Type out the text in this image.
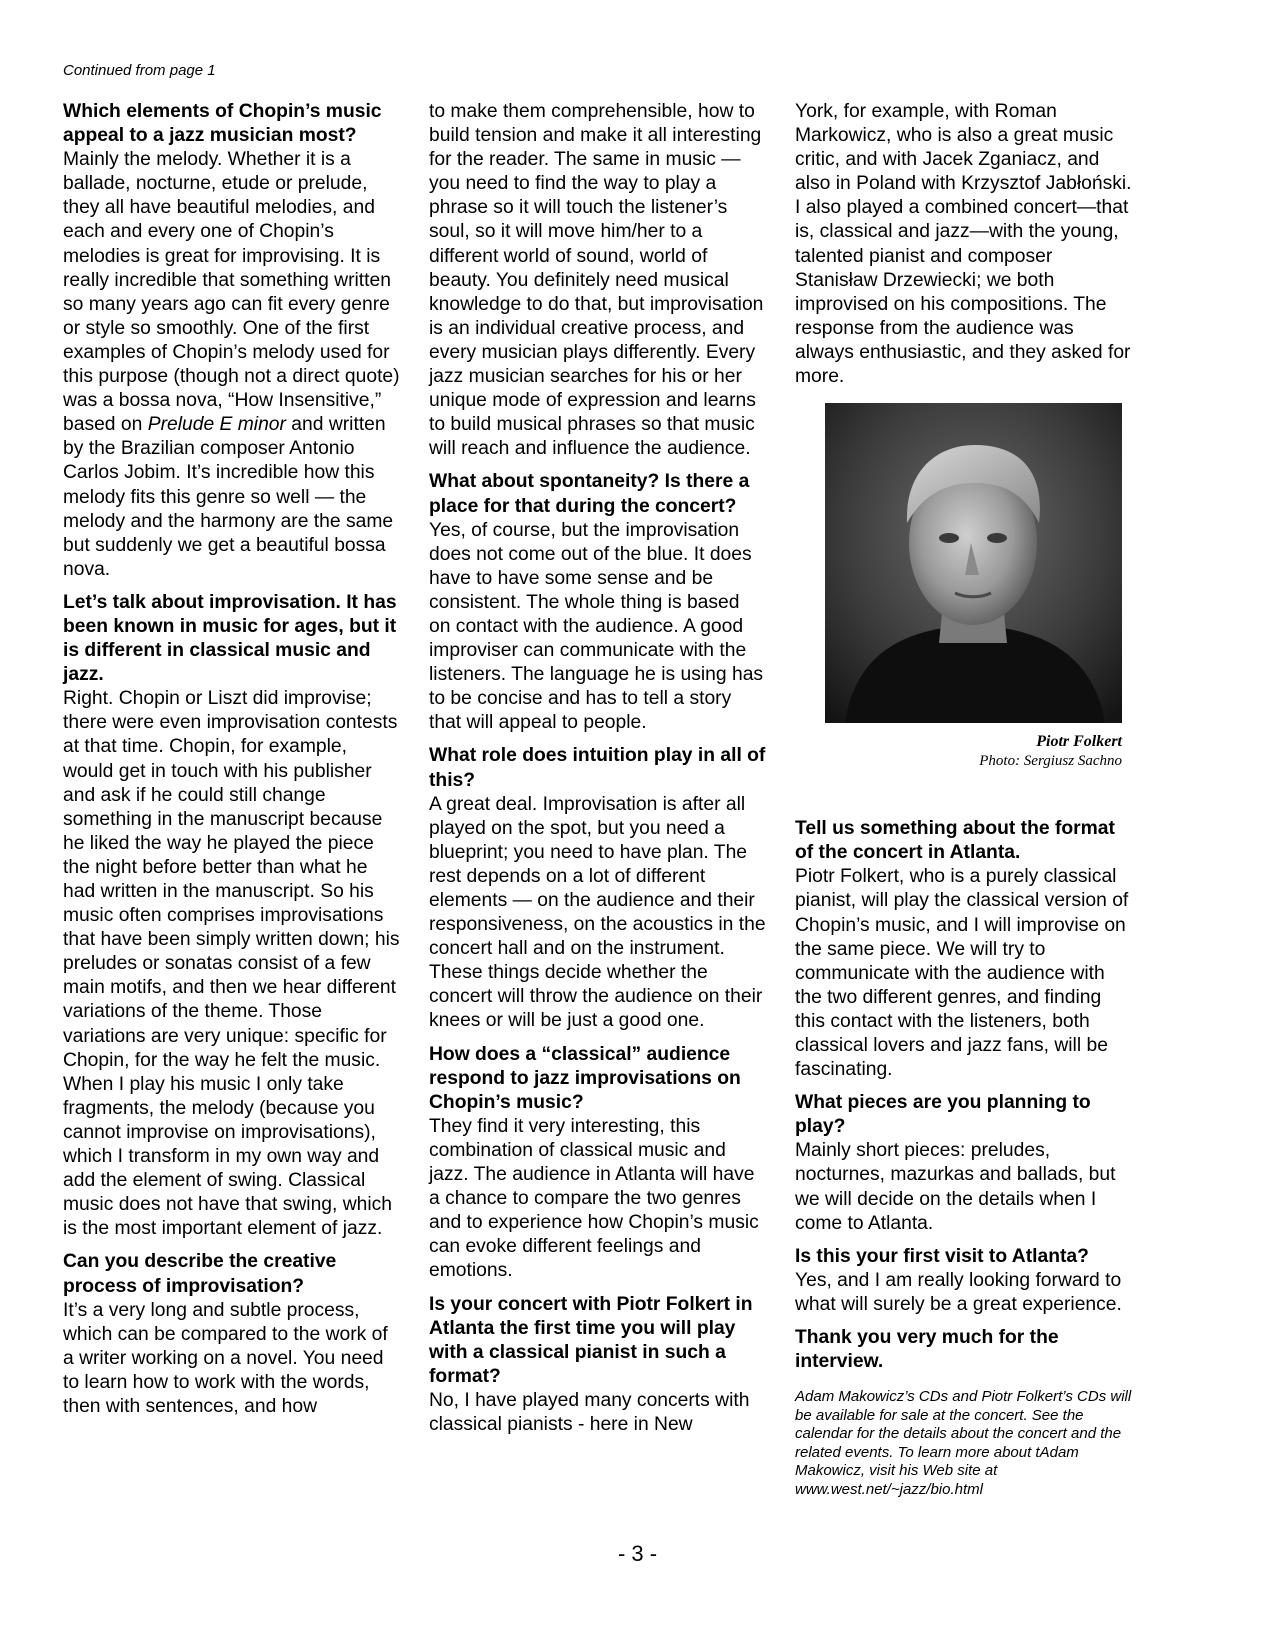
Continued from page 1

Which elements of Chopin’s music appeal to a jazz musician most?

Mainly the melody. Whether it is a ballade, nocturne, etude or prelude, they all have beautiful melodies, and each and every one of Chopin’s melodies is great for improvising. It is really incredible that something written so many years ago can fit every genre or style so smoothly. One of the first examples of Chopin’s melody used for this purpose (though not a direct quote) was a bossa nova, “How Insensitive,” based on Prelude E minor and written by the Brazilian composer Antonio Carlos Jobim. It’s incredible how this melody fits this genre so well — the melody and the harmony are the same but suddenly we get a beautiful bossa nova.

Let’s talk about improvisation. It has been known in music for ages, but it is different in classical music and jazz.

Right. Chopin or Liszt did improvise; there were even improvisation contests at that time. Chopin, for example, would get in touch with his publisher and ask if he could still change something in the manuscript because he liked the way he played the piece the night before better than what he had written in the manuscript. So his music often comprises improvisations that have been simply written down; his preludes or sonatas consist of a few main motifs, and then we hear different variations of the theme. Those variations are very unique: specific for Chopin, for the way he felt the music. When I play his music I only take fragments, the melody (because you cannot improvise on improvisations), which I transform in my own way and add the element of swing. Classical music does not have that swing, which is the most important element of jazz.

Can you describe the creative process of improvisation?

It’s a very long and subtle process, which can be compared to the work of a writer working on a novel. You need to learn how to work with the words, then with sentences, and how

to make them comprehensible, how to build tension and make it all interesting for the reader. The same in music — you need to find the way to play a phrase so it will touch the listener’s soul, so it will move him/her to a different world of sound, world of beauty. You definitely need musical knowledge to do that, but improvisation is an individual creative process, and every musician plays differently. Every jazz musician searches for his or her unique mode of expression and learns to build musical phrases so that music will reach and influence the audience.

What about spontaneity? Is there a place for that during the concert?

Yes, of course, but the improvisation does not come out of the blue. It does have to have some sense and be consistent. The whole thing is based on contact with the audience. A good improviser can communicate with the listeners. The language he is using has to be concise and has to tell a story that will appeal to people.

What role does intuition play in all of this?

A great deal. Improvisation is after all played on the spot, but you need a blueprint; you need to have plan. The rest depends on a lot of different elements — on the audience and their responsiveness, on the acoustics in the concert hall and on the instrument. These things decide whether the concert will throw the audience on their knees or will be just a good one.

How does a “classical” audience respond to jazz improvisations on Chopin’s music?

They find it very interesting, this combination of classical music and jazz. The audience in Atlanta will have a chance to compare the two genres and to experience how Chopin’s music can evoke different feelings and emotions.

Is your concert with Piotr Folkert in Atlanta the first time you will play with a classical pianist in such a format?

No, I have played many concerts with classical pianists - here in New

York, for example, with Roman Markowicz, who is also a great music critic, and with Jacek Zganiacz, and also in Poland with Krzysztof Jabłoński. I also played a combined concert—that is, classical and jazz—with the young, talented pianist and composer Stanisław Drzewiecki; we both improvised on his compositions. The response from the audience was always enthusiastic, and they asked for more.

Piotr Folkert
Photo: Sergiusz Sachno

Tell us something about the format of the concert in Atlanta.

Piotr Folkert, who is a purely classical pianist, will play the classical version of Chopin’s music, and I will improvise on the same piece. We will try to communicate with the audience with the two different genres, and finding this contact with the listeners, both classical lovers and jazz fans, will be fascinating.

What pieces are you planning to play?

Mainly short pieces: preludes, nocturnes, mazurkas and ballads, but we will decide on the details when I come to Atlanta.

Is this your first visit to Atlanta?

Yes, and I am really looking forward to what will surely be a great experience.

Thank you very much for the interview.

Adam Makowicz’s CDs and Piotr Folkert’s CDs will be available for sale at the concert. See the calendar for the details about the concert and the related events. To learn more about tAdam Makowicz, visit his Web site at www.west.net/~jazz/bio.html
- 3 -
